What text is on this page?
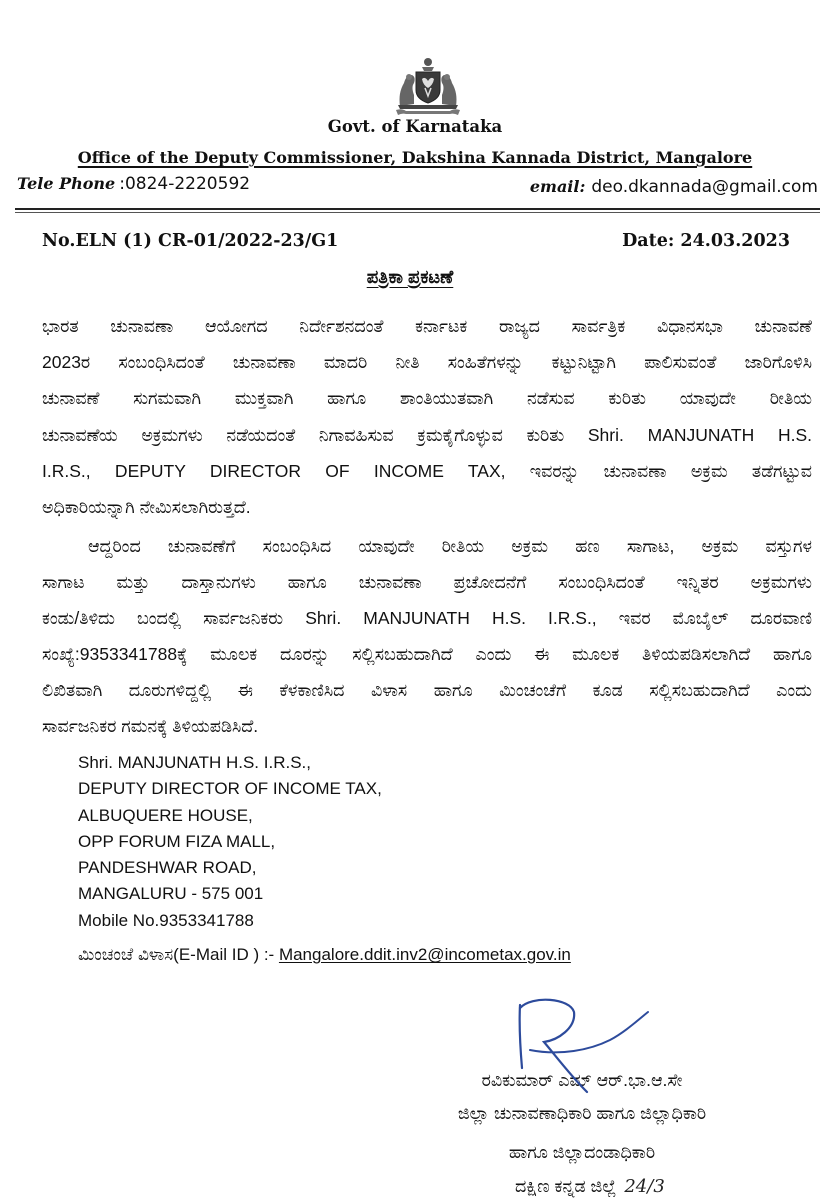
Govt. of Karnataka
Office of the Deputy Commissioner, Dakshina Kannada District, Mangalore
Tele Phone :0824-2220592	email: deo.dkannada@gmail.com
No.ELN (1) CR-01/2022-23/G1	Date: 24.03.2023
ಪತ್ರಿಕಾ ಪ್ರಕಟಣೆ
ಭಾರತ ಚುನಾವಣಾ ಆಯೋಗದ ನಿರ್ದೇಶನದಂತೆ ಕರ್ನಾಟಕ ರಾಜ್ಯದ ಸಾರ್ವತ್ರಿಕ ವಿಧಾನಸಭಾ ಚುನಾವಣೆ
2023ರ ಸಂಬಂಧಿಸಿದಂತೆ ಚುನಾವಣಾ ಮಾದರಿ ನೀತಿ ಸಂಹಿತೆಗಳನ್ನು ಕಟ್ಟುನಿಟ್ಟಾಗಿ ಪಾಲಿಸುವಂತೆ ಜಾರಿಗೊಳಿಸಿ
ಚುನಾವಣೆ ಸುಗಮವಾಗಿ ಮುಕ್ತವಾಗಿ ಹಾಗೂ ಶಾಂತಿಯುತವಾಗಿ ನಡೆಸುವ ಕುರಿತು ಯಾವುದೇ ರೀತಿಯ
ಚುನಾವಣೆಯ ಅಕ್ರಮಗಳು ನಡೆಯದಂತೆ ನಿಗಾವಹಿಸುವ ಕ್ರಮಕೈಗೊಳ್ಳುವ ಕುರಿತು Shri. MANJUNATH H.S.
I.R.S., DEPUTY DIRECTOR OF INCOME TAX, ಇವರನ್ನು ಚುನಾವಣಾ ಅಕ್ರಮ ತಡೆಗಟ್ಟುವ
ಅಧಿಕಾರಿಯನ್ನಾಗಿ ನೇಮಿಸಲಾಗಿರುತ್ತದೆ.
ಆದ್ದರಿಂದ ಚುನಾವಣೆಗೆ ಸಂಬಂಧಿಸಿದ ಯಾವುದೇ ರೀತಿಯ ಅಕ್ರಮ ಹಣ ಸಾಗಾಟ, ಅಕ್ರಮ ವಸ್ತುಗಳ
ಸಾಗಾಟ ಮತ್ತು ದಾಸ್ತಾನುಗಳು ಹಾಗೂ ಚುನಾವಣಾ ಪ್ರಚೋದನೆಗೆ ಸಂಬಂಧಿಸಿದಂತೆ ಇನ್ನಿತರ ಅಕ್ರಮಗಳು
ಕಂಡು/ತಿಳಿದು ಬಂದಲ್ಲಿ ಸಾರ್ವಜನಿಕರು Shri. MANJUNATH H.S. I.R.S., ಇವರ ಮೊಬೈಲ್ ದೂರವಾಣಿ
ಸಂಖ್ಯೆ:9353341788ಕ್ಕೆ ಮೂಲಕ ದೂರನ್ನು ಸಲ್ಲಿಸಬಹುದಾಗಿದೆ ಎಂದು ಈ ಮೂಲಕ ತಿಳಿಯಪಡಿಸಲಾಗಿದೆ ಹಾಗೂ
ಲಿಖಿತವಾಗಿ ದೂರುಗಳಿದ್ದಲ್ಲಿ ಈ ಕೆಳಕಾಣಿಸಿದ ವಿಳಾಸ ಹಾಗೂ ಮಿಂಚಂಚೆಗೆ ಕೂಡ ಸಲ್ಲಿಸಬಹುದಾಗಿದೆ ಎಂದು
ಸಾರ್ವಜನಿಕರ ಗಮನಕ್ಕೆ ತಿಳಿಯಪಡಿಸಿದೆ.
Shri. MANJUNATH H.S. I.R.S.,
DEPUTY DIRECTOR OF INCOME TAX,
ALBUQUERE HOUSE,
OPP FORUM FIZA MALL,
PANDESHWAR ROAD,
MANGALURU - 575 001
Mobile No.9353341788
ಮಿಂಚಂಚೆ ವಿಳಾಸ(E-Mail ID ) :- Mangalore.ddit.inv2@incometax.gov.in
ರವಿಕುಮಾರ್ ಎಮ್ ಆರ್.ಭಾ.ಆ.ಸೇ
ಜಿಲ್ಲಾ ಚುನಾವಣಾಧಿಕಾರಿ ಹಾಗೂ ಜಿಲ್ಲಾಧಿಕಾರಿ
ಹಾಗೂ ಜಿಲ್ಲಾದಂಡಾಧಿಕಾರಿ
ದಕ್ಷಿಣ ಕನ್ನಡ ಜಿಲ್ಲೆ 24/3
